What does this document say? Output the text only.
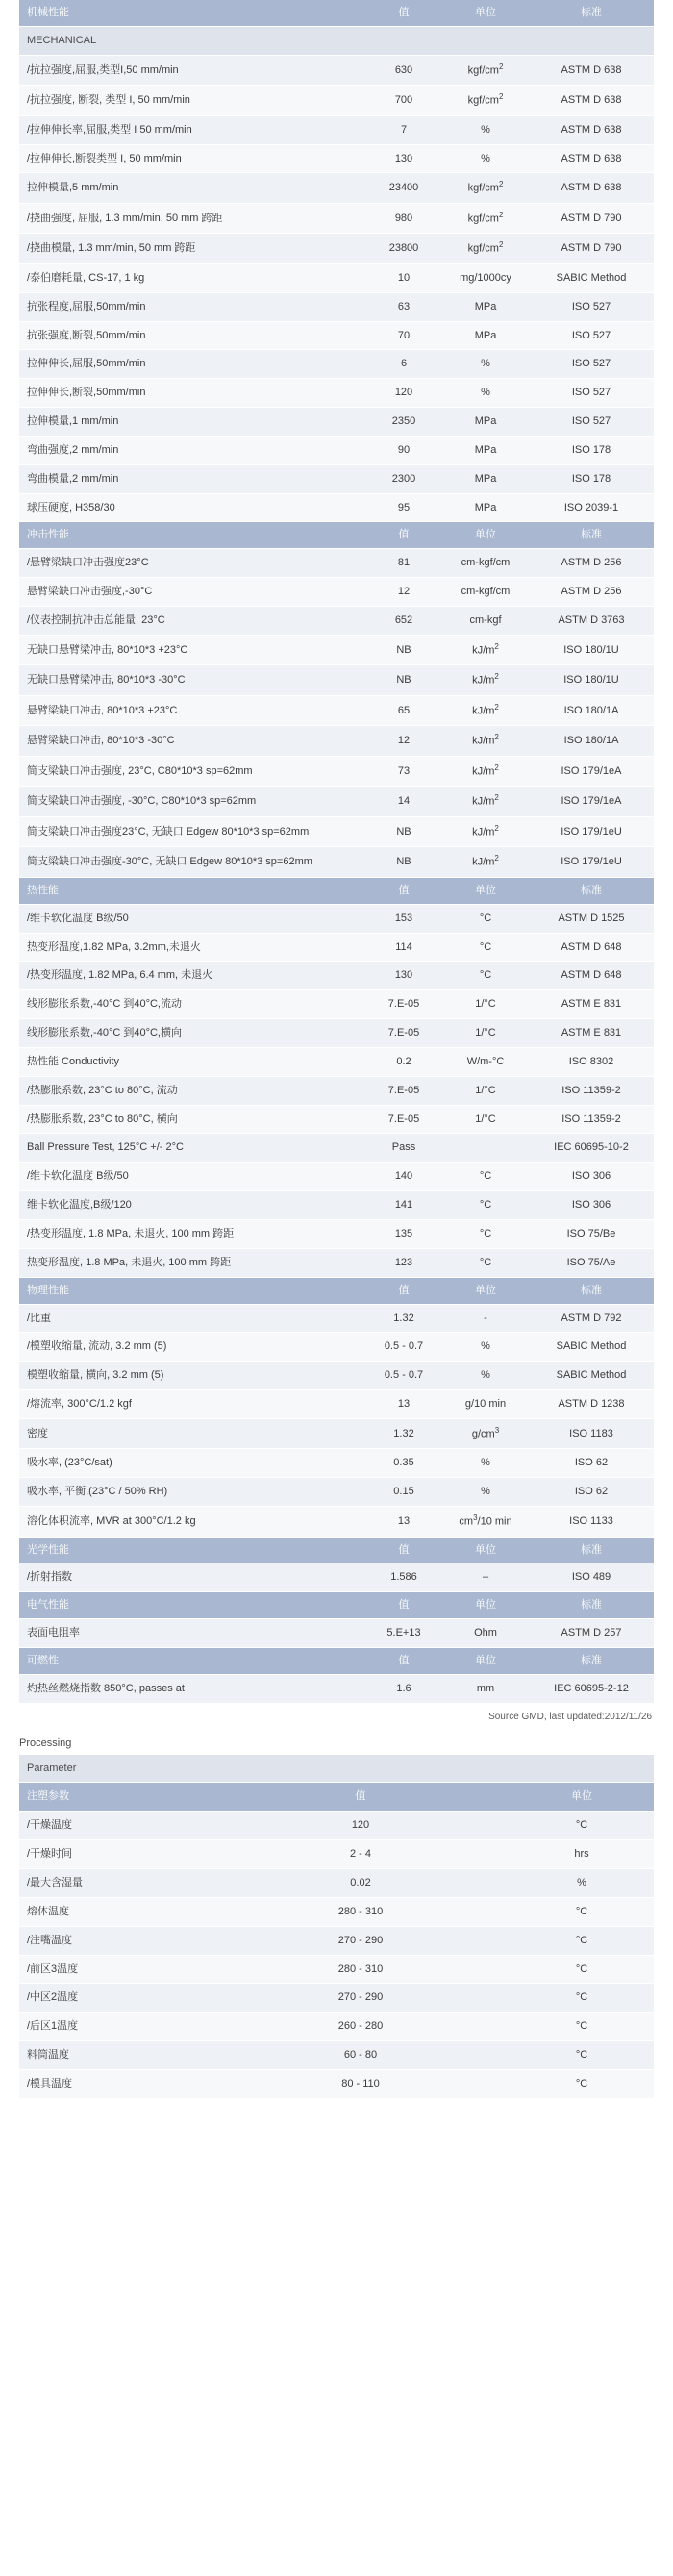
机械性能	值	单位	标准
MECHANICAL			
/抗拉强度,屈服,类型I,50 mm/min	630	kgf/$cm^2$	ASTM D 638
/抗拉强度, 断裂, 类型 I, 50 mm/min	700	kgf/$cm^2$	ASTM D 638
/拉伸伸长率,屈服,类型 I 50 mm/min	7	%	ASTM D 638
/拉伸伸长,断裂类型 I, 50 mm/min	130	%	ASTM D 638
拉伸模量,5 mm/min	23400	kgf/$cm^2$	ASTM D 638
/挠曲强度, 屈服, 1.3 mm/min, 50 mm 跨距	980	kgf/$cm^2$	ASTM D 790
/挠曲模量, 1.3 mm/min, 50 mm 跨距	23800	kgf/$cm^2$	ASTM D 790
/泰伯磨耗量, CS-17, 1 kg	10	mg/1000cy	SABIC Method
抗张程度,屈服,50mm/min	63	MPa	ISO 527
抗张强度,断裂,50mm/min	70	MPa	ISO 527
拉伸伸长,屈服,50mm/min	6	%	ISO 527
拉伸伸长,断裂,50mm/min	120	%	ISO 527
拉伸模量,1 mm/min	2350	MPa	ISO 527
弯曲强度,2 mm/min	90	MPa	ISO 178
弯曲模量,2 mm/min	2300	MPa	ISO 178
球压硬度, H358/30	95	MPa	ISO 2039-1
冲击性能	值	单位	标准
/悬臂梁缺口冲击强度23°C	81	cm-kgf/cm	ASTM D 256
悬臂梁缺口冲击强度,-30°C	12	cm-kgf/cm	ASTM D 256
/仪表控制抗冲击总能量, 23°C	652	cm-kgf	ASTM D 3763
无缺口悬臂梁冲击, 80*10*3 +23°C	NB	$kJ/m^2$	ISO 180/1U
无缺口悬臂梁冲击, 80*10*3 -30°C	NB	$kJ/m^2$	ISO 180/1U
悬臂梁缺口冲击, 80*10*3 +23°C	65	$kJ/m^2$	ISO 180/1A
悬臂梁缺口冲击, 80*10*3 -30°C	12	$kJ/m^2$	ISO 180/1A
简支梁缺口冲击强度, 23°C, C80*10*3 sp=62mm	73	$kJ/m^2$	ISO 179/1eA
简支梁缺口冲击强度, -30°C, C80*10*3 sp=62mm	14	$kJ/m^2$	ISO 179/1eA
简支梁缺口冲击强度23°C, 无缺口 Edgew 80*10*3 sp=62mm	NB	$kJ/m^2$	ISO 179/1eU
简支梁缺口冲击强度-30°C, 无缺口 Edgew 80*10*3 sp=62mm	NB	$kJ/m^2$	ISO 179/1eU
热性能	值	单位	标准
/维卡软化温度 B级/50	153	°C	ASTM D 1525
热变形温度,1.82 MPa, 3.2mm,未退火	114	°C	ASTM D 648
/热变形温度, 1.82 MPa, 6.4 mm, 未退火	130	°C	ASTM D 648
线形膨胀系数,-40°C 到40°C,流动	7.E-05	1/°C	ASTM E 831
线形膨胀系数,-40°C 到40°C,横向	7.E-05	1/°C	ASTM E 831
热性能 Conductivity	0.2	W/m-°C	ISO 8302
/热膨胀系数, 23°C to 80°C, 流动	7.E-05	1/°C	ISO 11359-2
/热膨胀系数, 23°C to 80°C, 横向	7.E-05	1/°C	ISO 11359-2
Ball Pressure Test, 125°C +/- 2°C	Pass		IEC 60695-10-2
/维卡软化温度 B级/50	140	°C	ISO 306
维卡软化温度,B级/120	141	°C	ISO 306
/热变形温度, 1.8 MPa, 未退火, 100 mm 跨距	135	°C	ISO 75/Be
热变形温度, 1.8 MPa, 未退火, 100 mm 跨距	123	°C	ISO 75/Ae
物理性能	值	单位	标准
/比重	1.32	-	ASTM D 792
/模塑收缩量, 流动, 3.2 mm (5)	0.5 - 0.7	%	SABIC Method
模塑收缩量, 横向, 3.2 mm (5)	0.5 - 0.7	%	SABIC Method
/熔流率, 300°C/1.2 kgf	13	g/10 min	ASTM D 1238
密度	1.32	$g/cm^3$	ISO 1183
吸水率, (23°C/sat)	0.35	%	ISO 62
吸水率, 平衡,(23°C / 50% RH)	0.15	%	ISO 62
溶化体积流率, MVR at 300°C/1.2 kg	13	$cm^3/10$ min	ISO 1133
光学性能	值	单位	标准
/折射指数	1.586	–	ISO 489
电气性能	值	单位	标准
表面电阻率	5.E+13	Ohm	ASTM D 257
可燃性	值	单位	标准
灼热丝燃烧指数 850°C, passes at	1.6	mm	IEC 60695-2-12
Source GMD, last updated:2012/11/26
Processing
Parameter		
注塑参数	值	单位
/干燥温度	120	°C
/干燥时间	2 - 4	hrs
/最大含湿量	0.02	%
熔体温度	280 - 310	°C
/注嘴温度	270 - 290	°C
/前区3温度	280 - 310	°C
/中区2温度	270 - 290	°C
/后区1温度	260 - 280	°C
料筒温度	60 - 80	°C
/模具温度	80 - 110	°C
